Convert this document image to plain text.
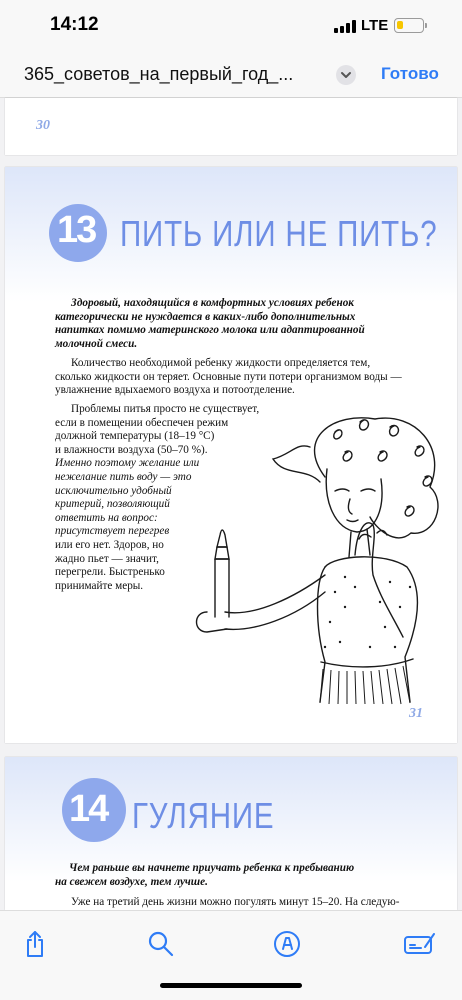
14:12	LTE
365_советов_на_первый_год_...	Готово
30
13 ПИТЬ ИЛИ НЕ ПИТЬ?
Здоровый, находящийся в комфортных условиях ребенок
категорически не нуждается в каких-либо дополнительных
напитках помимо материнского молока или адаптированной
молочной смеси.
Количество необходимой ребенку жидкости определяется тем,
сколько жидкости он теряет. Основные пути потери организмом воды —
увлажнение вдыхаемого воздуха и потоотделение.
Проблемы питья просто не существует,
если в помещении обеспечен режим
должной температуры (18–19 °C)
и влажности воздуха (50–70 %).
Именно поэтому желание или
нежелание пить воду — это
исключительно удобный
критерий, позволяющий
ответить на вопрос:
присутствует перегрев
или его нет. Здоров, но
жадно пьет — значит,
перегрели. Быстренько
принимайте меры.
31
14 ГУЛЯНИЕ
Чем раньше вы начнете приучать ребенка к пребыванию
на свежем воздухе, тем лучше.
Уже на третий день жизни можно погулять минут 15–20. На следую-
